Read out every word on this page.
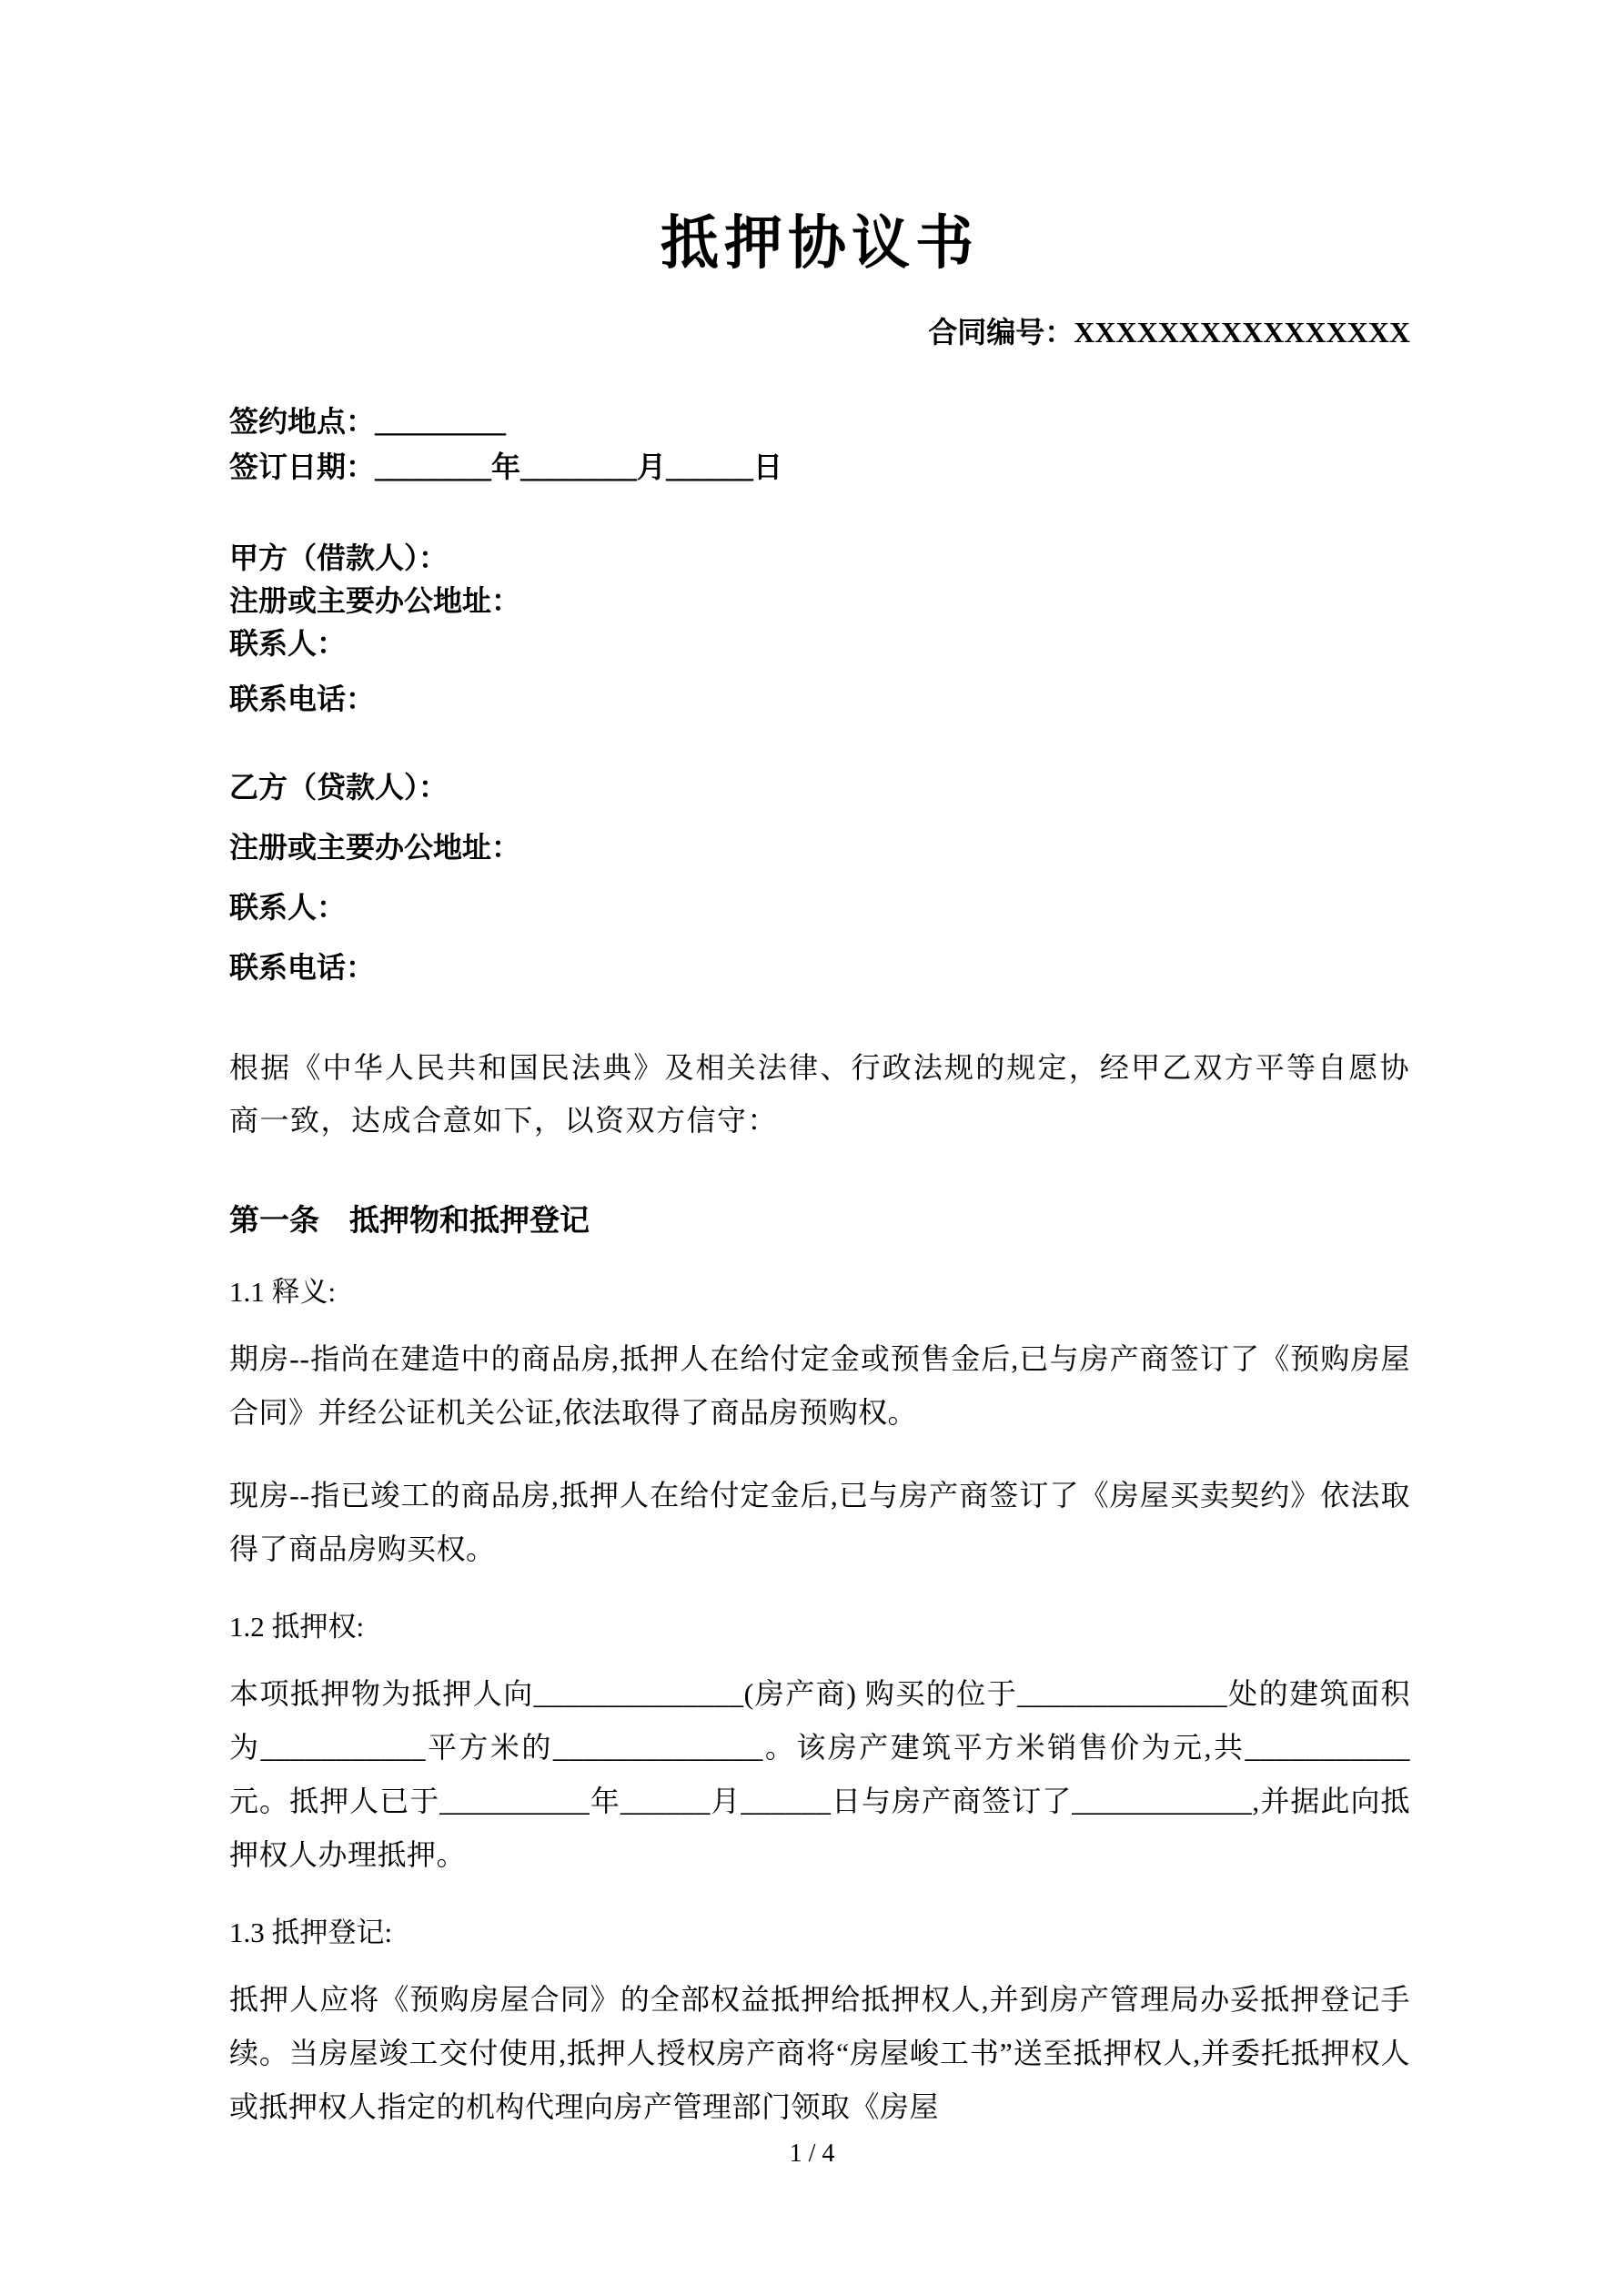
抵押协议书
合同编号：XXXXXXXXXXXXXXXX
签约地点：_________
签订日期：________年________月______日
甲方（借款人）：
注册或主要办公地址：
联系人：
联系电话：
乙方（贷款人）：
注册或主要办公地址：
联系人：
联系电话：

根据《中华人民共和国民法典》及相关法律、行政法规的规定，经甲乙双方平等自愿协商一致，达成合意如下，以资双方信守：

第一条　抵押物和抵押登记
1.1 释义:

期房--指尚在建造中的商品房,抵押人在给付定金或预售金后,已与房产商签订了《预购房屋合同》并经公证机关公证,依法取得了商品房预购权。

现房--指已竣工的商品房,抵押人在给付定金后,已与房产商签订了《房屋买卖契约》依法取得了商品房购买权。

1.2 抵押权:

本项抵押物为抵押人向______________(房产商) 购买的位于______________处的建筑面积为___________平方米的______________。该房产建筑平方米销售价为元,共___________元。抵押人已于__________年______月______日与房产商签订了____________,并据此向抵押权人办理抵押。

1.3 抵押登记:

抵押人应将《预购房屋合同》的全部权益抵押给抵押权人,并到房产管理局办妥抵押登记手续。当房屋竣工交付使用,抵押人授权房产商将“房屋峻工书”送至抵押权人,并委托抵押权人或抵押权人指定的机构代理向房产管理部门领取《房屋

1 / 4
